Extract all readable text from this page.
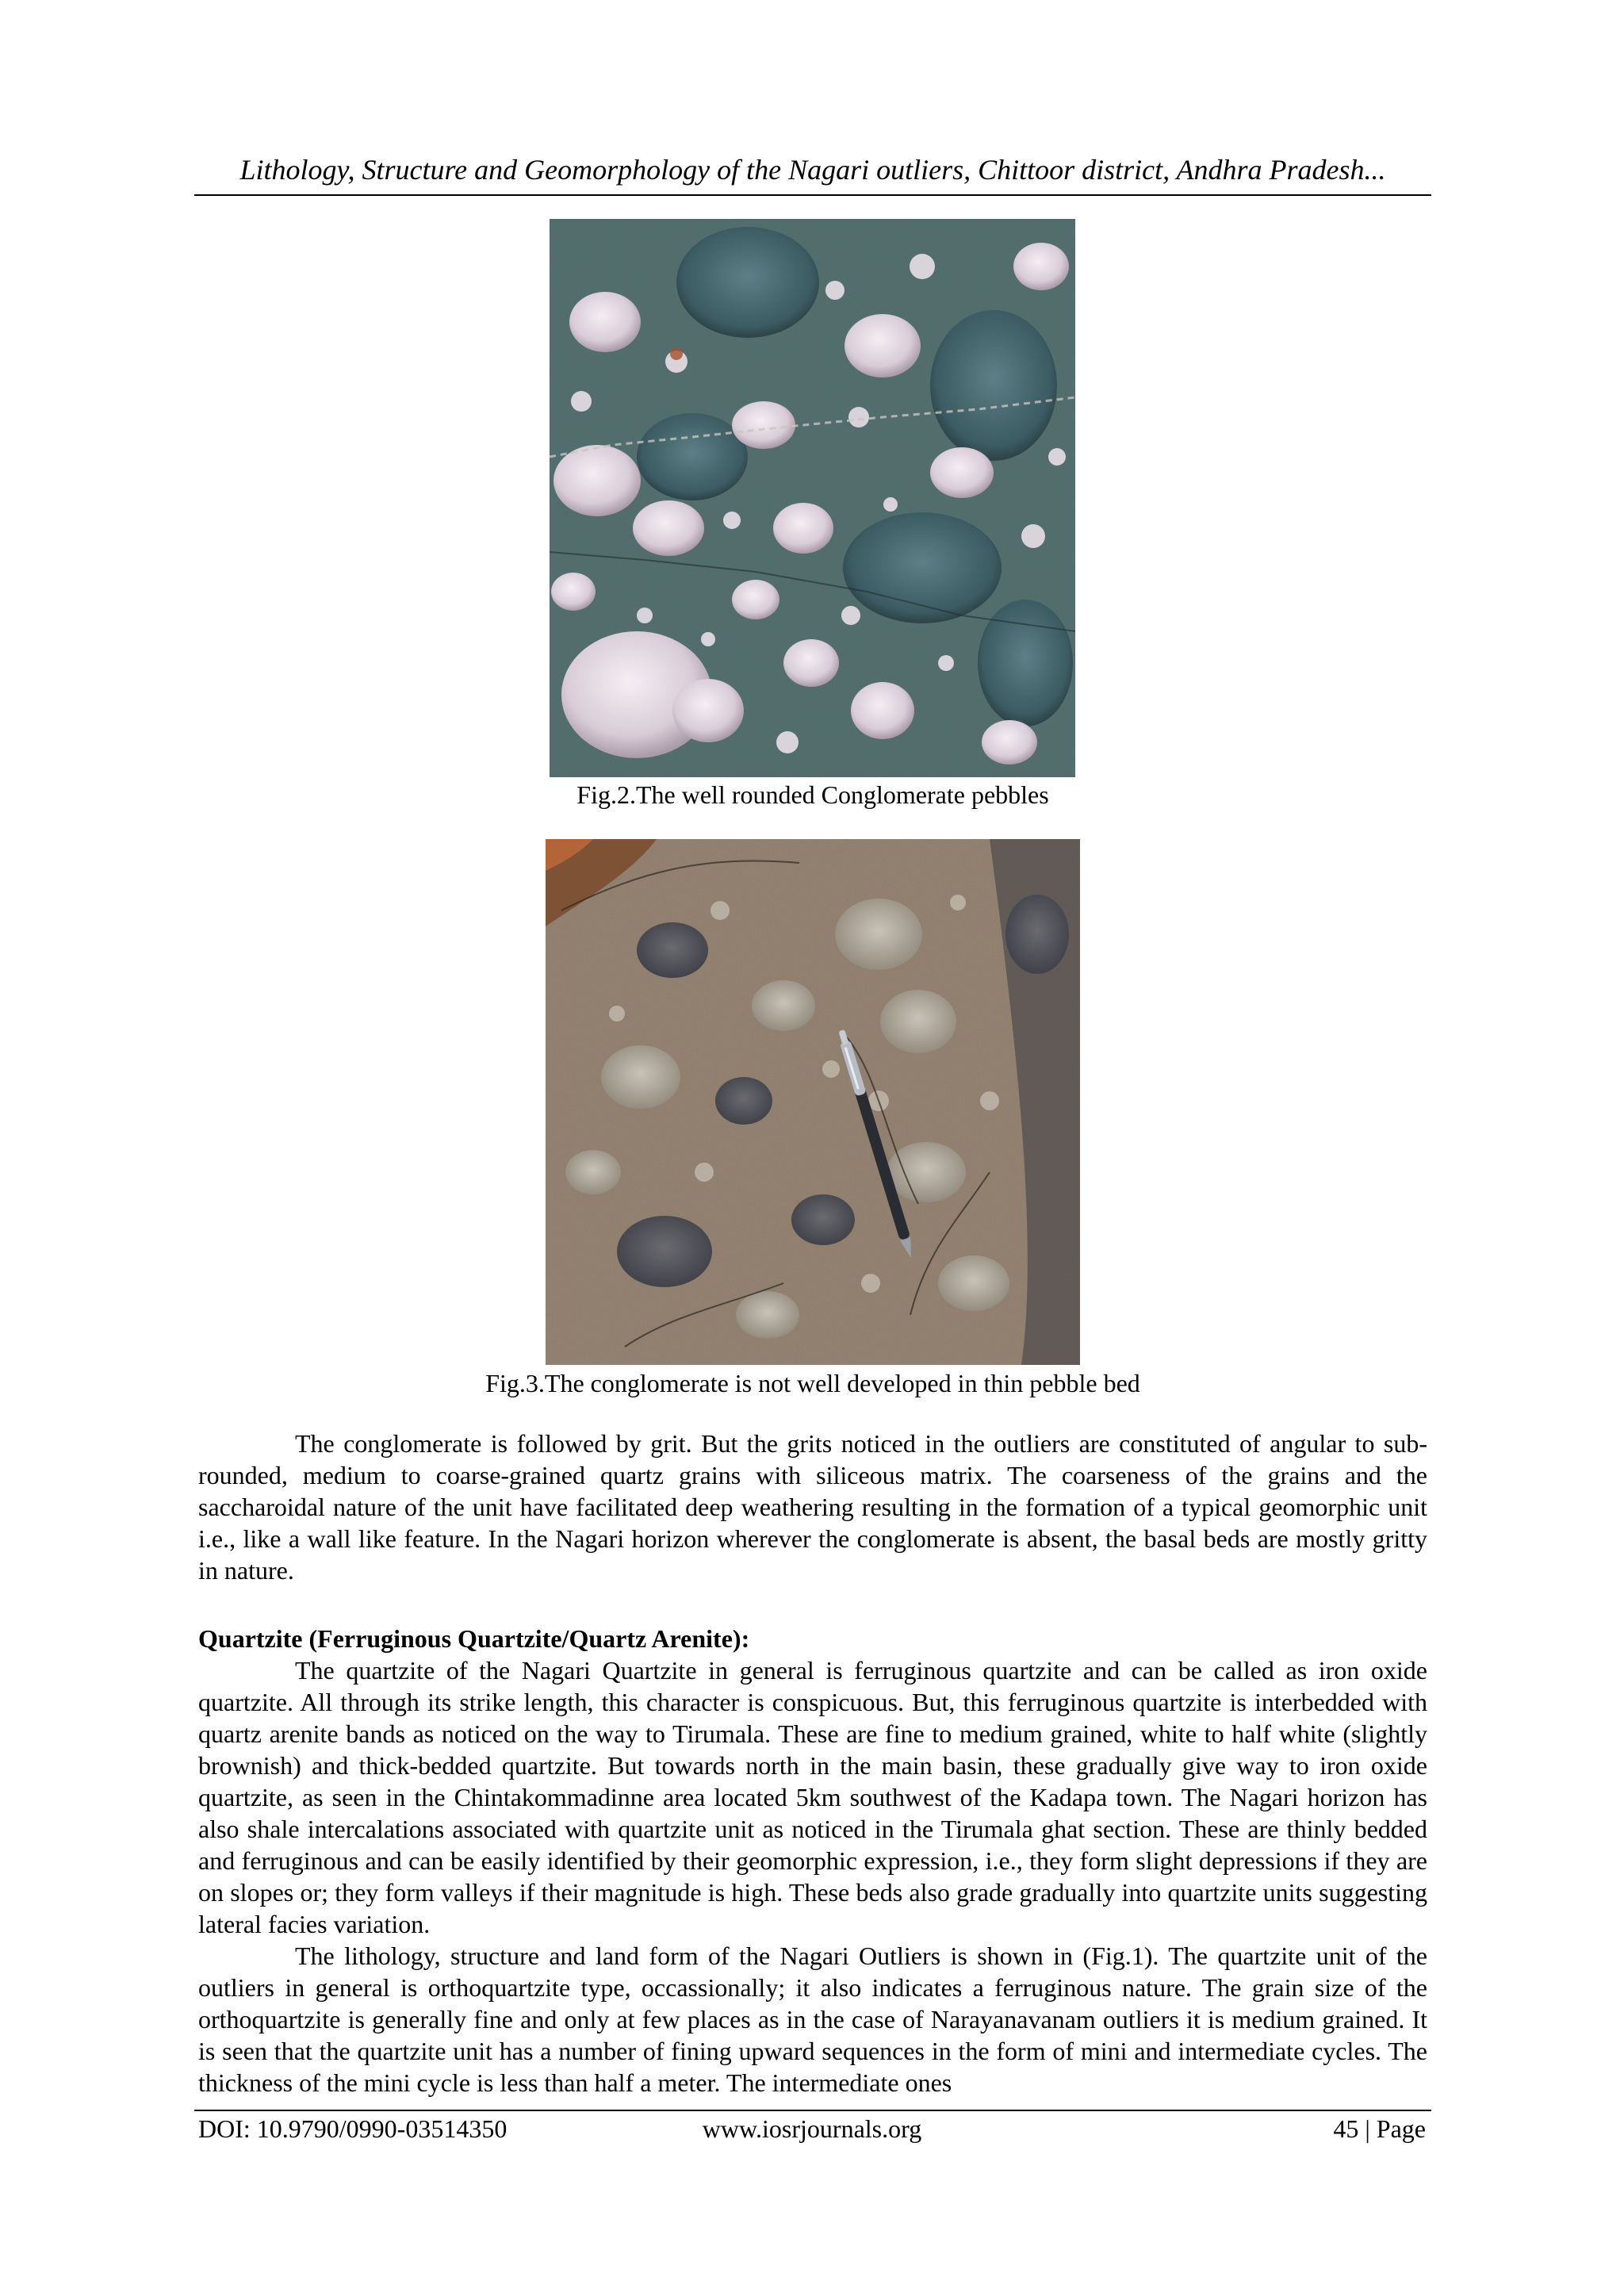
Lithology, Structure and Geomorphology of the Nagari outliers, Chittoor district, Andhra Pradesh...
Fig.2.The well rounded Conglomerate pebbles
Fig.3.The conglomerate is not well developed in thin pebble bed

The conglomerate is followed by grit. But the grits noticed in the outliers are constituted of angular to sub-rounded, medium to coarse-grained quartz grains with siliceous matrix. The coarseness of the grains and the saccharoidal nature of the unit have facilitated deep weathering resulting in the formation of a typical geomorphic unit i.e., like a wall like feature. In the Nagari horizon wherever the conglomerate is absent, the basal beds are mostly gritty in nature.

Quartzite (Ferruginous Quartzite/Quartz Arenite):

The quartzite of the Nagari Quartzite in general is ferruginous quartzite and can be called as iron oxide quartzite. All through its strike length, this character is conspicuous. But, this ferruginous quartzite is interbedded with quartz arenite bands as noticed on the way to Tirumala. These are fine to medium grained, white to half white (slightly brownish) and thick-bedded quartzite. But towards north in the main basin, these gradually give way to iron oxide quartzite, as seen in the Chintakommadinne area located 5km southwest of the Kadapa town. The Nagari horizon has also shale intercalations associated with quartzite unit as noticed in the Tirumala ghat section. These are thinly bedded and ferruginous and can be easily identified by their geomorphic expression, i.e., they form slight depressions if they are on slopes or; they form valleys if their magnitude is high. These beds also grade gradually into quartzite units suggesting lateral facies variation.

The lithology, structure and land form of the Nagari Outliers is shown in (Fig.1). The quartzite unit of the outliers in general is orthoquartzite type, occassionally; it also indicates a ferruginous nature. The grain size of the orthoquartzite is generally fine and only at few places as in the case of Narayanavanam outliers it is medium grained. It is seen that the quartzite unit has a number of fining upward sequences in the form of mini and intermediate cycles. The thickness of the mini cycle is less than half a meter. The intermediate ones

DOI: 10.9790/0990-03514350	www.iosrjournals.org	45 | Page
